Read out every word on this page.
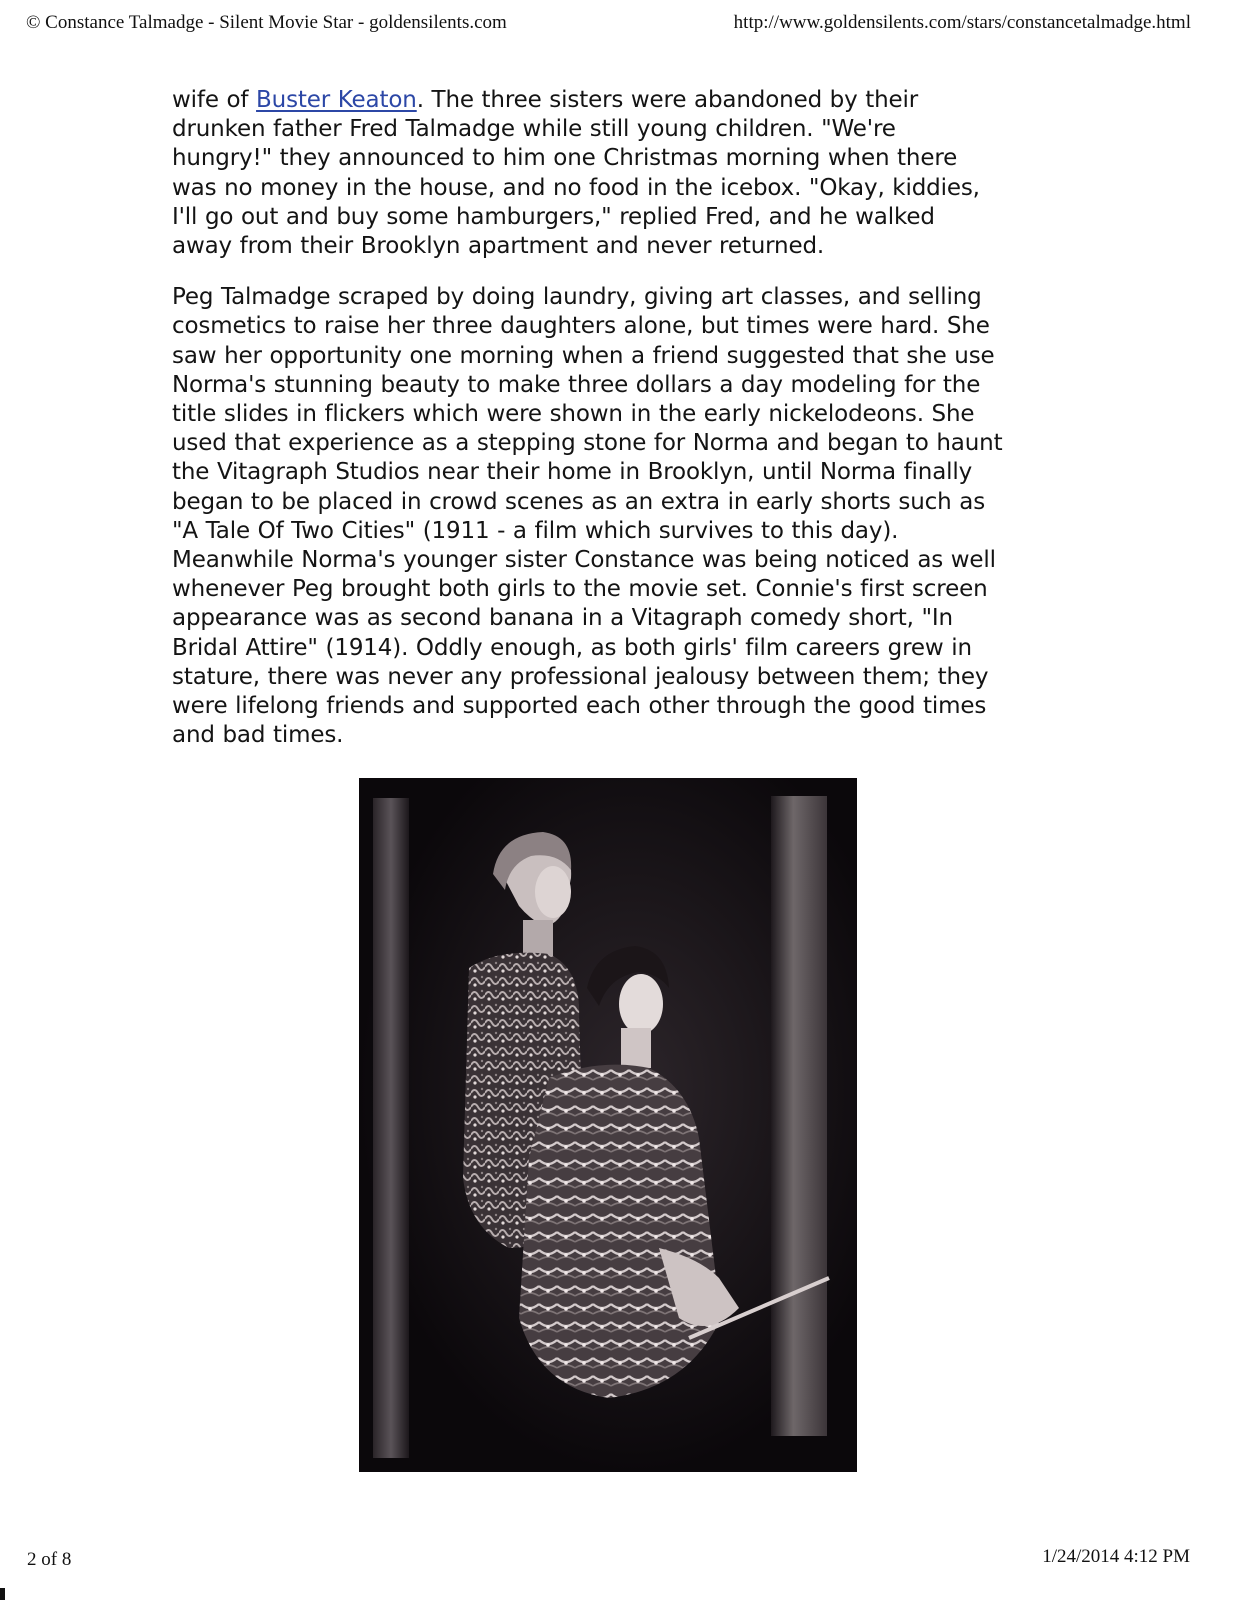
© Constance Talmadge - Silent Movie Star - goldensilents.com	http://www.goldensilents.com/stars/constancetalmadge.html

wife of Buster Keaton. The three sisters were abandoned by their
drunken father Fred Talmadge while still young children. "We're
hungry!" they announced to him one Christmas morning when there
was no money in the house, and no food in the icebox. "Okay, kiddies,
I'll go out and buy some hamburgers," replied Fred, and he walked
away from their Brooklyn apartment and never returned.

Peg Talmadge scraped by doing laundry, giving art classes, and selling
cosmetics to raise her three daughters alone, but times were hard. She
saw her opportunity one morning when a friend suggested that she use
Norma's stunning beauty to make three dollars a day modeling for the
title slides in flickers which were shown in the early nickelodeons. She
used that experience as a stepping stone for Norma and began to haunt
the Vitagraph Studios near their home in Brooklyn, until Norma finally
began to be placed in crowd scenes as an extra in early shorts such as
"A Tale Of Two Cities" (1911 - a film which survives to this day).
Meanwhile Norma's younger sister Constance was being noticed as well
whenever Peg brought both girls to the movie set. Connie's first screen
appearance was as second banana in a Vitagraph comedy short, "In
Bridal Attire" (1914). Oddly enough, as both girls' film careers grew in
stature, there was never any professional jealousy between them; they
were lifelong friends and supported each other through the good times
and bad times.

2 of 8	1/24/2014 4:12 PM
